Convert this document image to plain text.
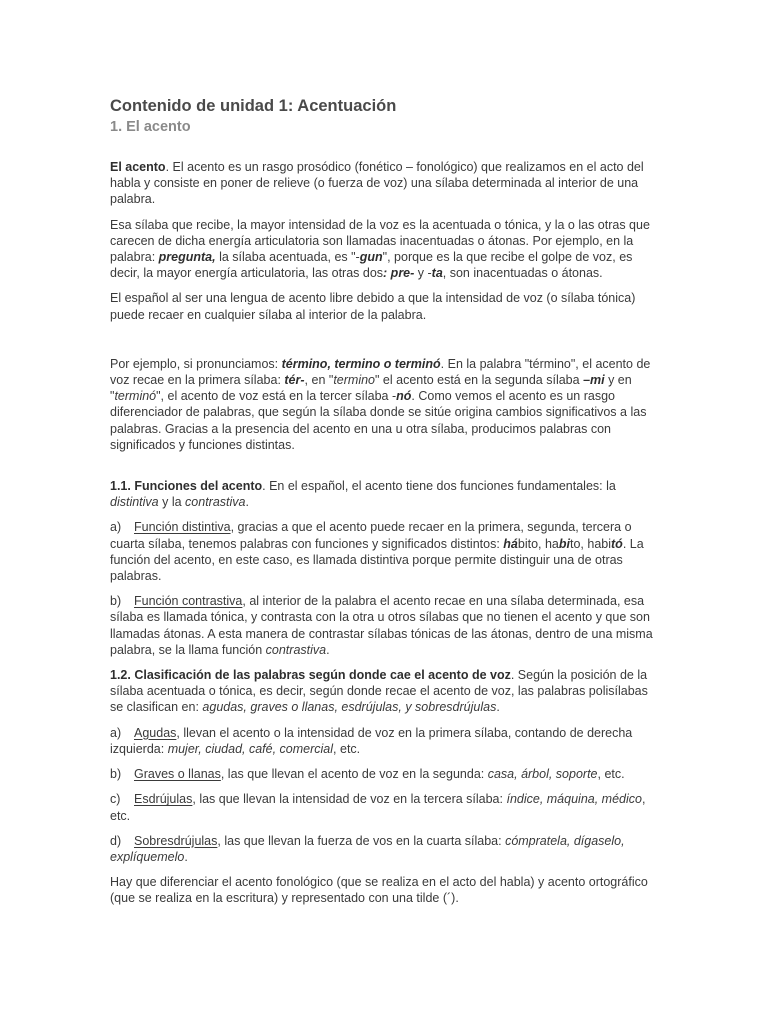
Contenido de unidad 1: Acentuación
1. El acento

El acento. El acento es un rasgo prosódico (fonético – fonológico) que realizamos en el acto del habla y consiste en poner de relieve (o fuerza de voz) una sílaba determinada al interior de una palabra.

Esa sílaba que recibe, la mayor intensidad de la voz es la acentuada o tónica, y la o las otras que carecen de dicha energía articulatoria son llamadas inacentuadas o átonas. Por ejemplo, en la palabra: pregunta, la sílaba acentuada, es "-gun", porque es la que recibe el golpe de voz, es decir, la mayor energía articulatoria, las otras dos: pre- y -ta, son inacentuadas o átonas.

El español al ser una lengua de acento libre debido a que la intensidad de voz (o sílaba tónica) puede recaer en cualquier sílaba al interior de la palabra.

Por ejemplo, si pronunciamos: término, termino o terminó. En la palabra "término", el acento de voz recae en la primera sílaba: tér-, en "termino" el acento está en la segunda sílaba –mi y en "terminó", el acento de voz está en la tercer sílaba -nó. Como vemos el acento es un rasgo diferenciador de palabras, que según la sílaba donde se sitúe origina cambios significativos a las palabras. Gracias a la presencia del acento en una u otra sílaba, producimos palabras con significados y funciones distintas.

1.1. Funciones del acento. En el español, el acento tiene dos funciones fundamentales: la distintiva y la contrastiva.

a) Función distintiva, gracias a que el acento puede recaer en la primera, segunda, tercera o cuarta sílaba, tenemos palabras con funciones y significados distintos: hábito, habito, habitó. La función del acento, en este caso, es llamada distintiva porque permite distinguir una de otras palabras.

b) Función contrastiva, al interior de la palabra el acento recae en una sílaba determinada, esa sílaba es llamada tónica, y contrasta con la otra u otros sílabas que no tienen el acento y que son llamadas átonas. A esta manera de contrastar sílabas tónicas de las átonas, dentro de una misma palabra, se la llama función contrastiva.

1.2. Clasificación de las palabras según donde cae el acento de voz. Según la posición de la sílaba acentuada o tónica, es decir, según donde recae el acento de voz, las palabras polisílabas se clasifican en: agudas, graves o llanas, esdrújulas, y sobresdrújulas.

a) Agudas, llevan el acento o la intensidad de voz en la primera sílaba, contando de derecha izquierda: mujer, ciudad, café, comercial, etc.

b) Graves o llanas, las que llevan el acento de voz en la segunda: casa, árbol, soporte, etc.

c) Esdrújulas, las que llevan la intensidad de voz en la tercera sílaba: índice, máquina, médico, etc.

d) Sobresdrújulas, las que llevan la fuerza de vos en la cuarta sílaba: cómpratela, dígaselo, explíquemelo.

Hay que diferenciar el acento fonológico (que se realiza en el acto del habla) y acento ortográfico (que se realiza en la escritura) y representado con una tilde (´).
